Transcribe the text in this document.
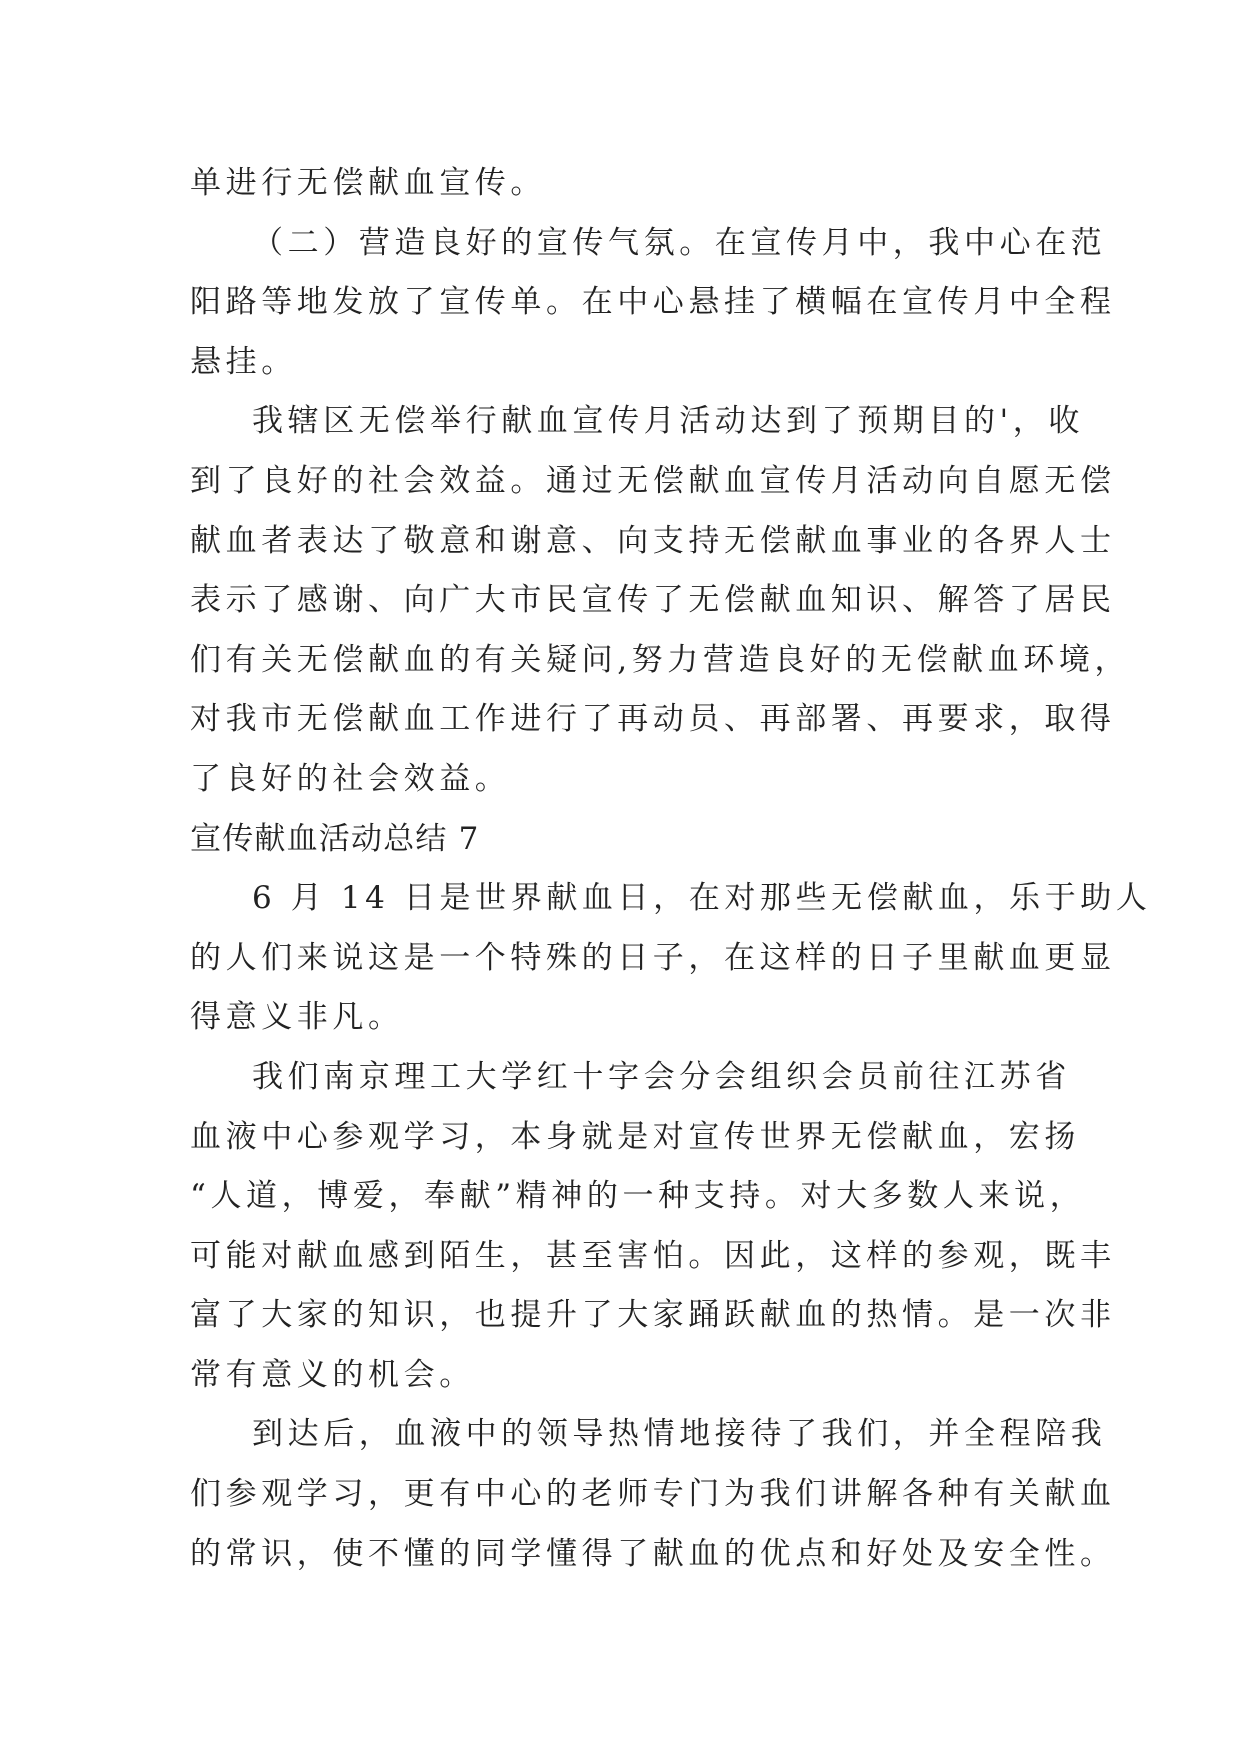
单进行无偿献血宣传。
（二）营造良好的宣传气氛。在宣传月中，我中心在范
阳路等地发放了宣传单。在中心悬挂了横幅在宣传月中全程
悬挂。
我辖区无偿举行献血宣传月活动达到了预期目的'，收
到了良好的社会效益。通过无偿献血宣传月活动向自愿无偿
献血者表达了敬意和谢意、向支持无偿献血事业的各界人士
表示了感谢、向广大市民宣传了无偿献血知识、解答了居民
们有关无偿献血的有关疑问,努力营造良好的无偿献血环境，
对我市无偿献血工作进行了再动员、再部署、再要求，取得
了良好的社会效益。
宣传献血活动总结 7
6 月 14 日是世界献血日，在对那些无偿献血，乐于助人
的人们来说这是一个特殊的日子，在这样的日子里献血更显
得意义非凡。
我们南京理工大学红十字会分会组织会员前往江苏省
血液中心参观学习，本身就是对宣传世界无偿献血，宏扬
“人道，博爱，奉献”精神的一种支持。对大多数人来说，
可能对献血感到陌生，甚至害怕。因此，这样的参观，既丰
富了大家的知识，也提升了大家踊跃献血的热情。是一次非
常有意义的机会。
到达后，血液中的领导热情地接待了我们，并全程陪我
们参观学习，更有中心的老师专门为我们讲解各种有关献血
的常识，使不懂的同学懂得了献血的优点和好处及安全性。
